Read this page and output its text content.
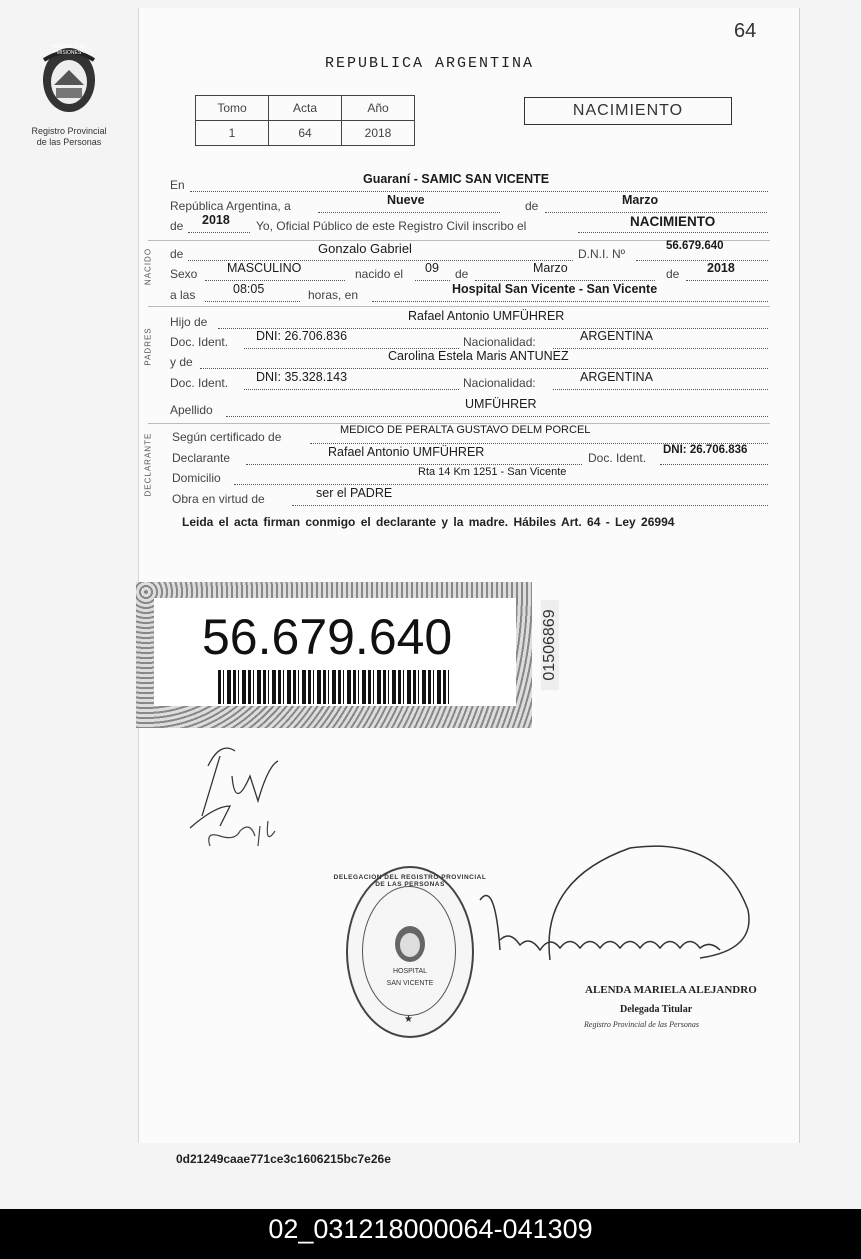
PROVINCIA DE MISIONES
Registro Provincial
de las Personas
64
REPUBLICA ARGENTINA
Tomo	Acta	Año
1	64	2018
NACIMIENTO
En	Guaraní - SAMIC SAN VICENTE
República Argentina, a	Nueve	de	Marzo
de 2018 Yo, Oficial Público de este Registro Civil inscribo el	NACIMIENTO
NACIDO de	Gonzalo Gabriel	D.N.I. Nº
56.679.640
Sexo MASCULINO	nacido el 09 de	Marzo	de 2018
a las	08:05	horas, en	Hospital San Vicente - San Vicente
PADRES
Hijo de	Rafael Antonio UMFÜHRER
Doc. Ident. DNI: 26.706.836	Nacionalidad:	ARGENTINA
y de	Carolina Estela Maris ANTUNEZ
Doc. Ident. DNI: 35.328.143	Nacionalidad:	ARGENTINA
Apellido	UMFÜHRER
DECLARANTE Según certificado de	MEDICO DE PERALTA GUSTAVO DELM PORCEL
Declarante	Rafael Antonio UMFÜHRER	Doc. Ident.
DNI: 26.706.836
Domicilio	Rta 14 Km 1251 - San Vicente
Obra en virtud de	ser el PADRE
Leida el acta firman conmigo el declarante y la madre. Hábiles Art. 64 - Ley 26994
56.679.640	01506869
DELEGACION DEL REGISTRO PROVINCIAL DE LAS PERSONAS
HOSPITAL
SAN VICENTE
★
ALENDA MARIELA ALEJANDRO
Delegada Titular
Registro Provincial de las Personas
0d21249caae771ce3c1606215bc7e26e
02_031218000064-041309
